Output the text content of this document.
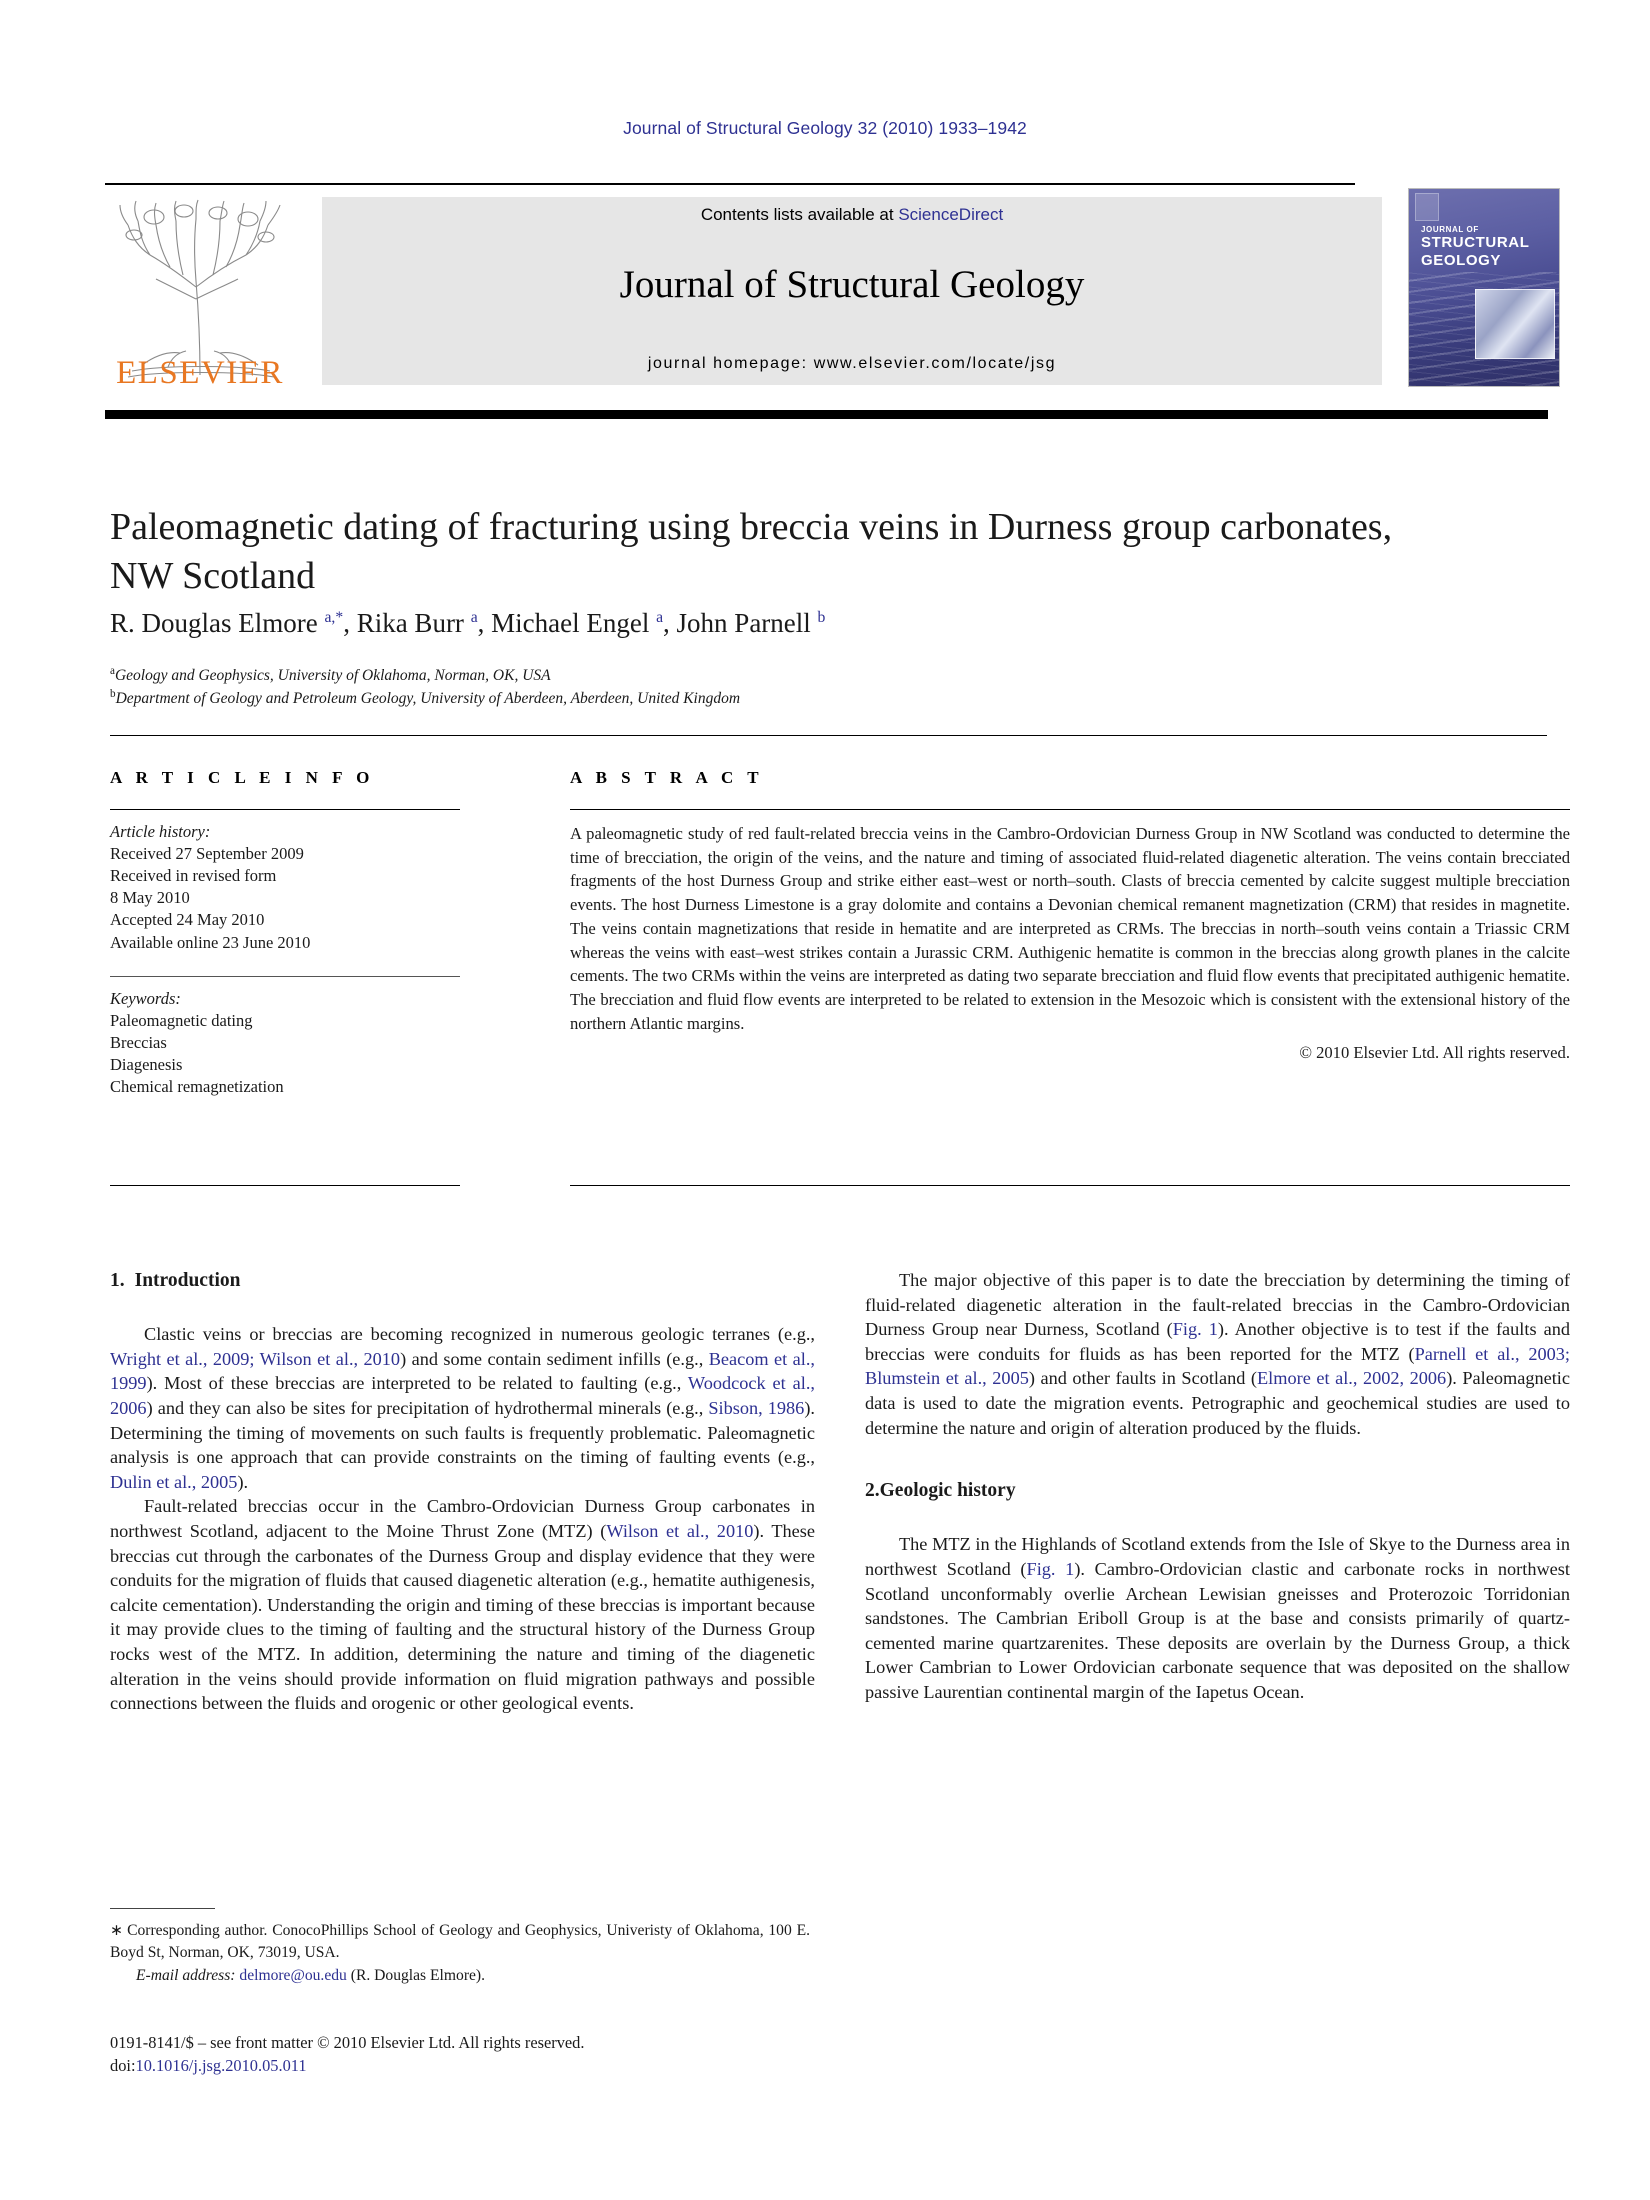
Journal of Structural Geology 32 (2010) 1933–1942
ELSEVIER
Contents lists available at ScienceDirect
Journal of Structural Geology
journal homepage: www.elsevier.com/locate/jsg
JOURNAL OF
STRUCTURAL
GEOLOGY
Paleomagnetic dating of fracturing using breccia veins in Durness group carbonates, NW Scotland
R. Douglas Elmore $^{a,*}$, Rika Burr $^a$, Michael Engel $^a$, John Parnell $^b$
$^a$Geology and Geophysics, University of Oklahoma, Norman, OK, USA
$^b$Department of Geology and Petroleum Geology, University of Aberdeen, Aberdeen, United Kingdom
A R T I C L E I N F O
Article history:
Received 27 September 2009
Received in revised form
8 May 2010
Accepted 24 May 2010
Available online 23 June 2010
Keywords:
Paleomagnetic dating
Breccias
Diagenesis
Chemical remagnetization
A B S T R A C T
A paleomagnetic study of red fault-related breccia veins in the Cambro-Ordovician Durness Group in NW Scotland was conducted to determine the time of brecciation, the origin of the veins, and the nature and timing of associated fluid-related diagenetic alteration. The veins contain brecciated fragments of the host Durness Group and strike either east–west or north–south. Clasts of breccia cemented by calcite suggest multiple brecciation events. The host Durness Limestone is a gray dolomite and contains a Devonian chemical remanent magnetization (CRM) that resides in magnetite. The veins contain magnetizations that reside in hematite and are interpreted as CRMs. The breccias in north–south veins contain a Triassic CRM whereas the veins with east–west strikes contain a Jurassic CRM. Authigenic hematite is common in the breccias along growth planes in the calcite cements. The two CRMs within the veins are interpreted as dating two separate brecciation and fluid flow events that precipitated authigenic hematite. The brecciation and fluid flow events are interpreted to be related to extension in the Mesozoic which is consistent with the extensional history of the northern Atlantic margins.
© 2010 Elsevier Ltd. All rights reserved.
1. Introduction

Clastic veins or breccias are becoming recognized in numerous geologic terranes (e.g., Wright et al., 2009; Wilson et al., 2010) and some contain sediment infills (e.g., Beacom et al., 1999). Most of these breccias are interpreted to be related to faulting (e.g., Woodcock et al., 2006) and they can also be sites for precipitation of hydrothermal minerals (e.g., Sibson, 1986). Determining the timing of movements on such faults is frequently problematic. Paleomagnetic analysis is one approach that can provide constraints on the timing of faulting events (e.g., Dulin et al., 2005).

Fault-related breccias occur in the Cambro-Ordovician Durness Group carbonates in northwest Scotland, adjacent to the Moine Thrust Zone (MTZ) (Wilson et al., 2010). These breccias cut through the carbonates of the Durness Group and display evidence that they were conduits for the migration of fluids that caused diagenetic alteration (e.g., hematite authigenesis, calcite cementation). Understanding the origin and timing of these breccias is important because it may provide clues to the timing of faulting and the structural history of the Durness Group rocks west of the MTZ. In addition, determining the nature and timing of the diagenetic alteration in the veins should provide information on fluid migration pathways and possible connections between the fluids and orogenic or other geological events.

The major objective of this paper is to date the brecciation by determining the timing of fluid-related diagenetic alteration in the fault-related breccias in the Cambro-Ordovician Durness Group near Durness, Scotland (Fig. 1). Another objective is to test if the faults and breccias were conduits for fluids as has been reported for the MTZ (Parnell et al., 2003; Blumstein et al., 2005) and other faults in Scotland (Elmore et al., 2002, 2006). Paleomagnetic data is used to date the migration events. Petrographic and geochemical studies are used to determine the nature and origin of alteration produced by the fluids.

2.Geologic history

The MTZ in the Highlands of Scotland extends from the Isle of Skye to the Durness area in northwest Scotland (Fig. 1). Cambro-Ordovician clastic and carbonate rocks in northwest Scotland unconformably overlie Archean Lewisian gneisses and Proterozoic Torridonian sandstones. The Cambrian Eriboll Group is at the base and consists primarily of quartz-cemented marine quartzarenites. These deposits are overlain by the Durness Group, a thick Lower Cambrian to Lower Ordovician carbonate sequence that was deposited on the shallow passive Laurentian continental margin of the Iapetus Ocean.

∗ Corresponding author. ConocoPhillips School of Geology and Geophysics, Univeristy of Oklahoma, 100 E. Boyd St, Norman, OK, 73019, USA.
E-mail address: delmore@ou.edu (R. Douglas Elmore).
0191-8141/$ – see front matter © 2010 Elsevier Ltd. All rights reserved.
doi:10.1016/j.jsg.2010.05.011
